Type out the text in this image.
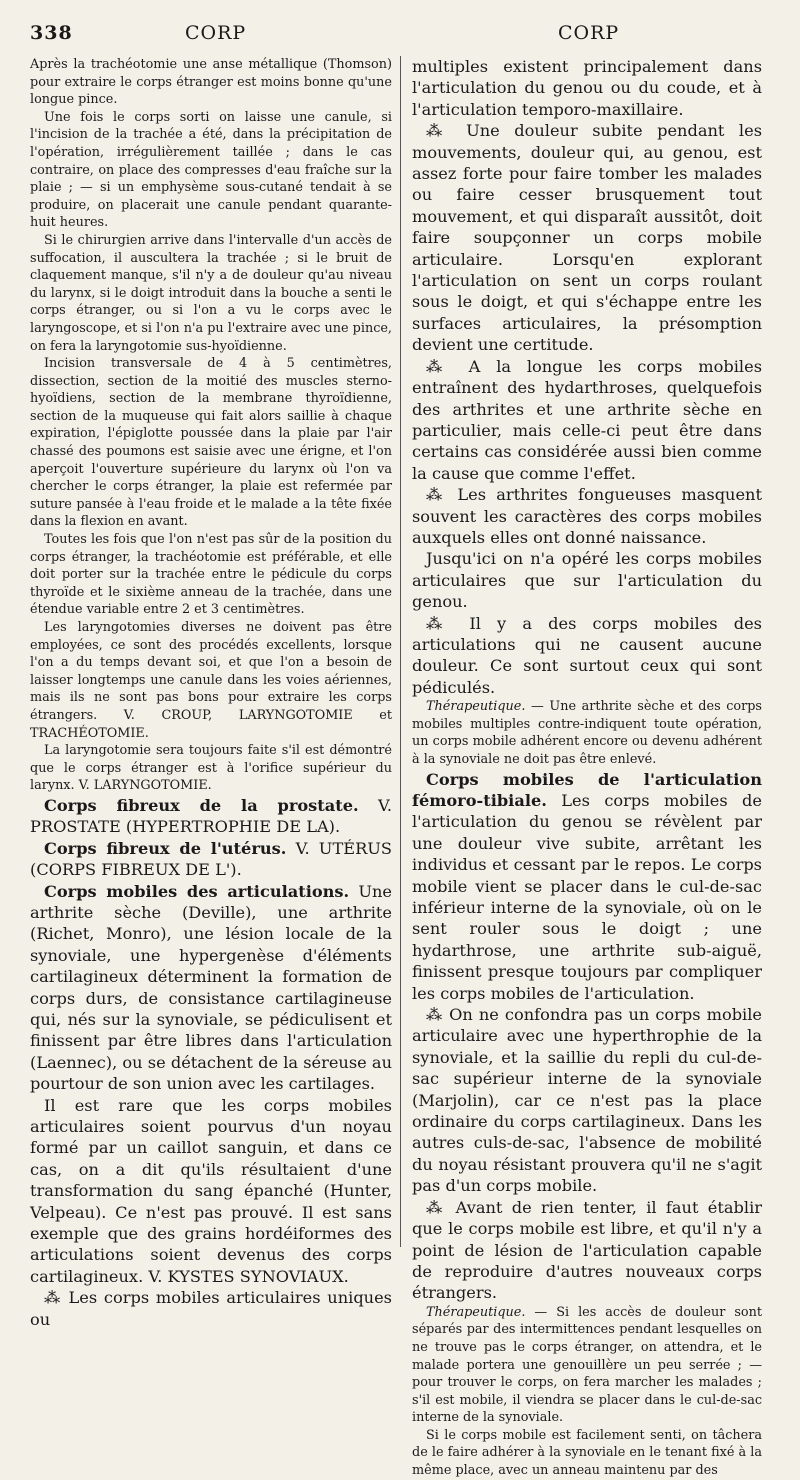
338	CORP	CORP

Après la trachéotomie une anse métallique (Thomson) pour extraire le corps étranger est moins bonne qu'une longue pince.

Une fois le corps sorti on laisse une canule, si l'incision de la trachée a été, dans la précipitation de l'opération, irrégulièrement taillée ; dans le cas contraire, on place des compresses d'eau fraîche sur la plaie ; — si un emphysème sous-cutané tendait à se produire, on placerait une canule pendant quarante-huit heures.

Si le chirurgien arrive dans l'intervalle d'un accès de suffocation, il auscultera la trachée ; si le bruit de claquement manque, s'il n'y a de douleur qu'au niveau du larynx, si le doigt introduit dans la bouche a senti le corps étranger, ou si l'on a vu le corps avec le laryngoscope, et si l'on n'a pu l'extraire avec une pince, on fera la laryngotomie sus-hyoïdienne.

Incision transversale de 4 à 5 centimètres, dissection, section de la moitié des muscles sterno-hyoïdiens, section de la membrane thyroïdienne, section de la muqueuse qui fait alors saillie à chaque expiration, l'épiglotte poussée dans la plaie par l'air chassé des poumons est saisie avec une érigne, et l'on aperçoit l'ouverture supérieure du larynx où l'on va chercher le corps étranger, la plaie est refermée par suture pansée à l'eau froide et le malade a la tête fixée dans la flexion en avant.

Toutes les fois que l'on n'est pas sûr de la position du corps étranger, la trachéotomie est préférable, et elle doit porter sur la trachée entre le pédicule du corps thyroïde et le sixième anneau de la trachée, dans une étendue variable entre 2 et 3 centimètres.

Les laryngotomies diverses ne doivent pas être employées, ce sont des procédés excellents, lorsque l'on a du temps devant soi, et que l'on a besoin de laisser longtemps une canule dans les voies aériennes, mais ils ne sont pas bons pour extraire les corps étrangers. V. CROUP, LARYNGOTOMIE et TRACHÉOTOMIE.

La laryngotomie sera toujours faite s'il est démontré que le corps étranger est à l'orifice supérieur du larynx. V. LARYNGOTOMIE.

Corps fibreux de la prostate. V. PROSTATE (HYPERTROPHIE DE LA).

Corps fibreux de l'utérus. V. UTÉRUS (CORPS FIBREUX DE L').

Corps mobiles des articulations. Une arthrite sèche (Deville), une arthrite (Richet, Monro), une lésion locale de la synoviale, une hypergenèse d'éléments cartilagineux déterminent la formation de corps durs, de consistance cartilagineuse qui, nés sur la synoviale, se pédiculisent et finissent par être libres dans l'articulation (Laennec), ou se détachent de la séreuse au pourtour de son union avec les cartilages.

Il est rare que les corps mobiles articulaires soient pourvus d'un noyau formé par un caillot sanguin, et dans ce cas, on a dit qu'ils résultaient d'une transformation du sang épanché (Hunter, Velpeau). Ce n'est pas prouvé. Il est sans exemple que des grains hordéiformes des articulations soient devenus des corps cartilagineux. V. KYSTES SYNOVIAUX.

⁂ Les corps mobiles articulaires uniques ou

multiples existent principalement dans l'articulation du genou ou du coude, et à l'articulation temporo-maxillaire.

⁂ Une douleur subite pendant les mouvements, douleur qui, au genou, est assez forte pour faire tomber les malades ou faire cesser brusquement tout mouvement, et qui disparaît aussitôt, doit faire soupçonner un corps mobile articulaire. Lorsqu'en explorant l'articulation on sent un corps roulant sous le doigt, et qui s'échappe entre les surfaces articulaires, la présomption devient une certitude.

⁂ A la longue les corps mobiles entraînent des hydarthroses, quelquefois des arthrites et une arthrite sèche en particulier, mais celle-ci peut être dans certains cas considérée aussi bien comme la cause que comme l'effet.

⁂ Les arthrites fongueuses masquent souvent les caractères des corps mobiles auxquels elles ont donné naissance.

Jusqu'ici on n'a opéré les corps mobiles articulaires que sur l'articulation du genou.

⁂ Il y a des corps mobiles des articulations qui ne causent aucune douleur. Ce sont surtout ceux qui sont pédiculés.

Thérapeutique. — Une arthrite sèche et des corps mobiles multiples contre-indiquent toute opération, un corps mobile adhérent encore ou devenu adhérent à la synoviale ne doit pas être enlevé.

Corps mobiles de l'articulation fémoro-tibiale. Les corps mobiles de l'articulation du genou se révèlent par une douleur vive subite, arrêtant les individus et cessant par le repos. Le corps mobile vient se placer dans le cul-de-sac inférieur interne de la synoviale, où on le sent rouler sous le doigt ; une hydarthrose, une arthrite sub-aiguë, finissent presque toujours par compliquer les corps mobiles de l'articulation.

⁂ On ne confondra pas un corps mobile articulaire avec une hyperthrophie de la synoviale, et la saillie du repli du cul-de-sac supérieur interne de la synoviale (Marjolin), car ce n'est pas la place ordinaire du corps cartilagineux. Dans les autres culs-de-sac, l'absence de mobilité du noyau résistant prouvera qu'il ne s'agit pas d'un corps mobile.

⁂ Avant de rien tenter, il faut établir que le corps mobile est libre, et qu'il n'y a point de lésion de l'articulation capable de reproduire d'autres nouveaux corps étrangers.

Thérapeutique. — Si les accès de douleur sont séparés par des intermittences pendant lesquelles on ne trouve pas le corps étranger, on attendra, et le malade portera une genouillère un peu serrée ; — pour trouver le corps, on fera marcher les malades ; s'il est mobile, il viendra se placer dans le cul-de-sac interne de la synoviale.

Si le corps mobile est facilement senti, on tâchera de le faire adhérer à la synoviale en le tenant fixé à la même place, avec un anneau maintenu par des
